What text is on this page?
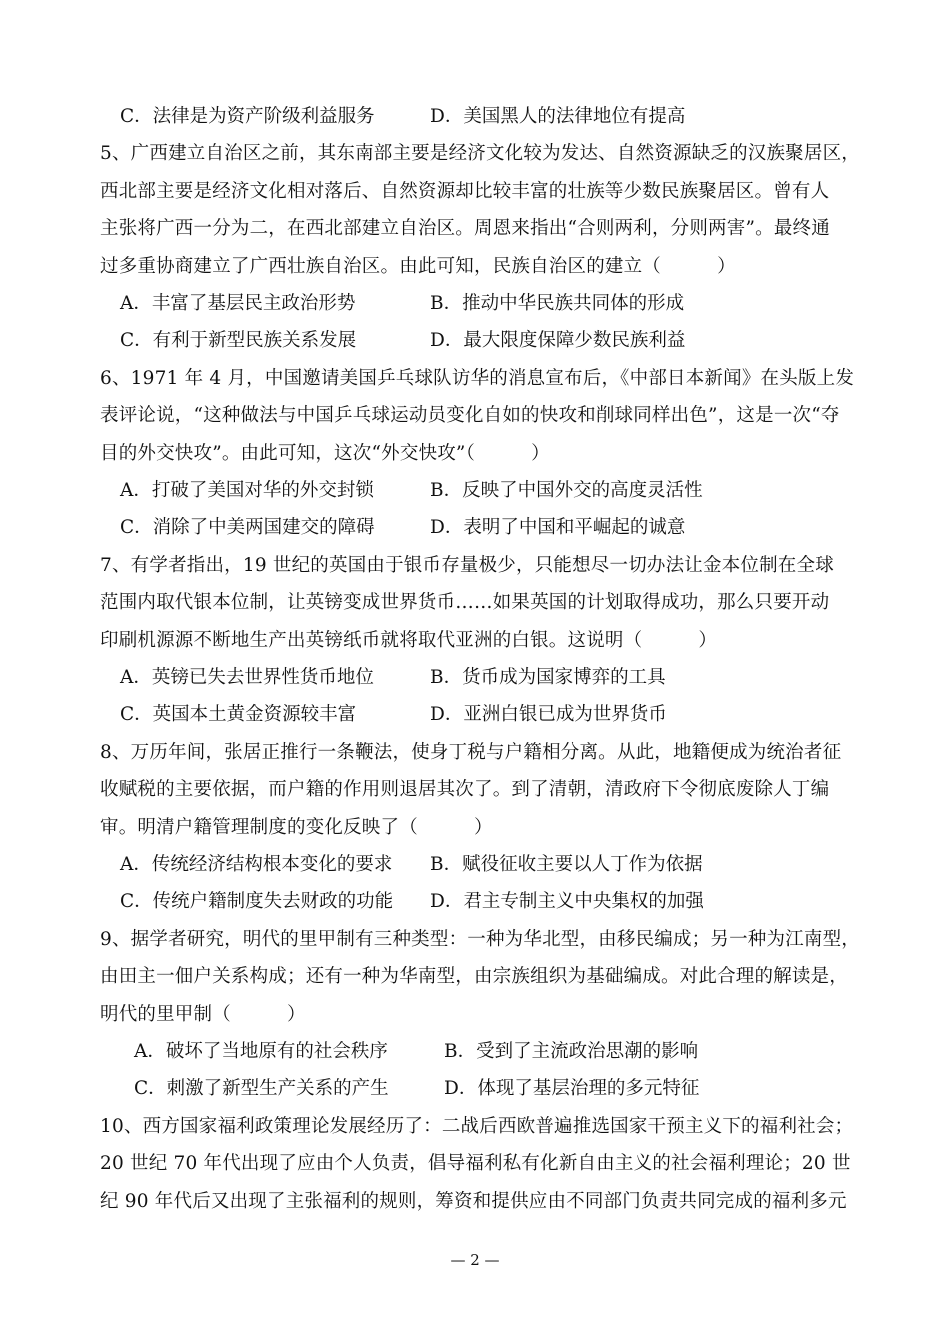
C．法律是为资产阶级利益服务	D．美国黑人的法律地位有提高
5、广西建立自治区之前，其东南部主要是经济文化较为发达、自然资源缺乏的汉族聚居区，
西北部主要是经济文化相对落后、自然资源却比较丰富的壮族等少数民族聚居区。曾有人
主张将广西一分为二，在西北部建立自治区。周恩来指出“合则两利，分则两害”。最终通
过多重协商建立了广西壮族自治区。由此可知，民族自治区的建立（　　　）
A．丰富了基层民主政治形势	B．推动中华民族共同体的形成
C．有利于新型民族关系发展	D．最大限度保障少数民族利益
6、1971 年 4 月，中国邀请美国乒乓球队访华的消息宣布后，《中部日本新闻》在头版上发
表评论说，“这种做法与中国乒乓球运动员变化自如的快攻和削球同样出色”，这是一次“夺
目的外交快攻”。由此可知，这次“外交快攻”（　　　）
A．打破了美国对华的外交封锁	B．反映了中国外交的高度灵活性
C．消除了中美两国建交的障碍	D．表明了中国和平崛起的诚意
7、有学者指出，19 世纪的英国由于银币存量极少，只能想尽一切办法让金本位制在全球
范围内取代银本位制，让英镑变成世界货币……如果英国的计划取得成功，那么只要开动
印刷机源源不断地生产出英镑纸币就将取代亚洲的白银。这说明（　　　）
A．英镑已失去世界性货币地位	B．货币成为国家博弈的工具
C．英国本土黄金资源较丰富	D．亚洲白银已成为世界货币
8、万历年间，张居正推行一条鞭法，使身丁税与户籍相分离。从此，地籍便成为统治者征
收赋税的主要依据，而户籍的作用则退居其次了。到了清朝，清政府下令彻底废除人丁编
审。明清户籍管理制度的变化反映了（　　　）
A．传统经济结构根本变化的要求 B．赋役征收主要以人丁作为依据
C．传统户籍制度失去财政的功能 D．君主专制主义中央集权的加强
9、据学者研究，明代的里甲制有三种类型：一种为华北型，由移民编成；另一种为江南型，
由田主一佃户关系构成；还有一种为华南型，由宗族组织为基础编成。对此合理的解读是，
明代的里甲制（　　　）
A．破坏了当地原有的社会秩序	B．受到了主流政治思潮的影响
C．刺激了新型生产关系的产生	D．体现了基层治理的多元特征
10、西方国家福利政策理论发展经历了：二战后西欧普遍推选国家干预主义下的福利社会；
20 世纪 70 年代出现了应由个人负责，倡导福利私有化新自由主义的社会福利理论；20 世
纪 90 年代后又出现了主张福利的规则，筹资和提供应由不同部门负责共同完成的福利多元
— 2 —
